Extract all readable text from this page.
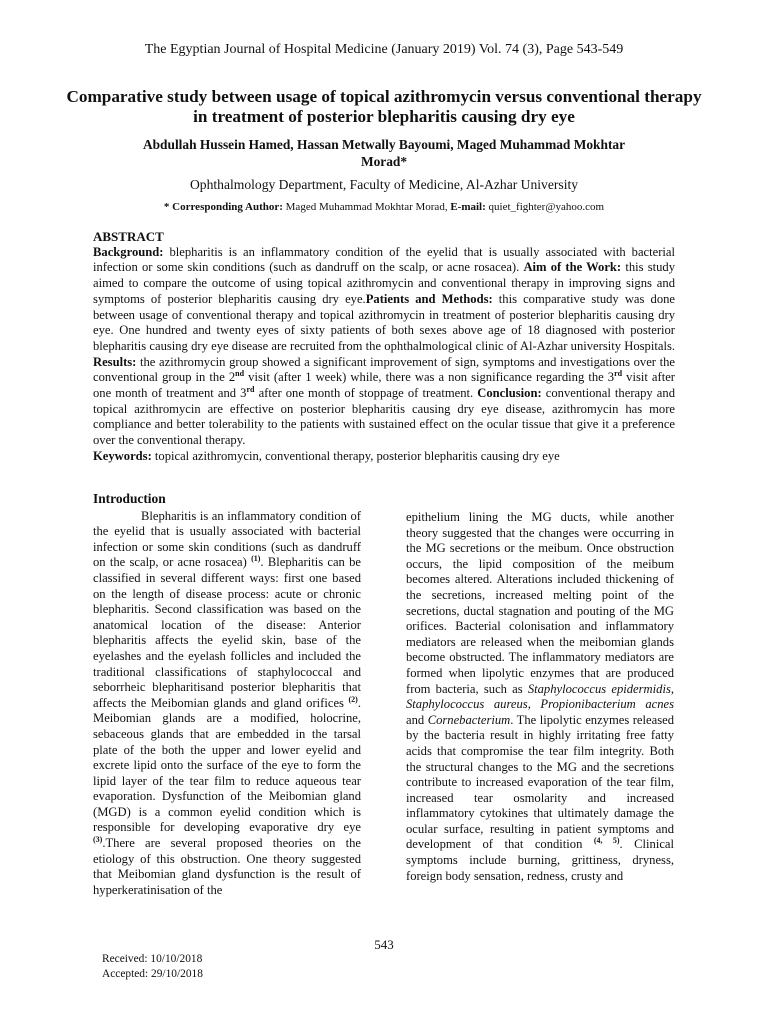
The Egyptian Journal of Hospital Medicine (January 2019) Vol. 74 (3), Page 543-549
Comparative study between usage of topical azithromycin versus conventional therapy in treatment of posterior blepharitis causing dry eye
Abdullah Hussein Hamed, Hassan Metwally Bayoumi, Maged Muhammad Mokhtar Morad*
Ophthalmology Department, Faculty of Medicine, Al-Azhar University
* Corresponding Author: Maged Muhammad Mokhtar Morad, E-mail: quiet_fighter@yahoo.com
ABSTRACT

Background: blepharitis is an inflammatory condition of the eyelid that is usually associated with bacterial infection or some skin conditions (such as dandruff on the scalp, or acne rosacea). Aim of the Work: this study aimed to compare the outcome of using topical azithromycin and conventional therapy in improving signs and symptoms of posterior blepharitis causing dry eye.Patients and Methods: this comparative study was done between usage of conventional therapy and topical azithromycin in treatment of posterior blepharitis causing dry eye. One hundred and twenty eyes of sixty patients of both sexes above age of 18 diagnosed with posterior blepharitis causing dry eye disease are recruited from the ophthalmological clinic of Al-Azhar university Hospitals. Results: the azithromycin group showed a significant improvement of sign, symptoms and investigations over the conventional group in the 2nd visit (after 1 week) while, there was a non significance regarding the 3rd visit after one month of treatment and 3rd after one month of stoppage of treatment. Conclusion: conventional therapy and topical azithromycin are effective on posterior blepharitis causing dry eye disease, azithromycin has more compliance and better tolerability to the patients with sustained effect on the ocular tissue that give it a preference over the conventional therapy.

Keywords: topical azithromycin, conventional therapy, posterior blepharitis causing dry eye

Introduction

Blepharitis is an inflammatory condition of the eyelid that is usually associated with bacterial infection or some skin conditions (such as dandruff on the scalp, or acne rosacea) $^{(1)}$. Blepharitis can be classified in several different ways: first one based on the length of disease process: acute or chronic blepharitis. Second classification was based on the anatomical location of the disease: Anterior blepharitis affects the eyelid skin, base of the eyelashes and the eyelash follicles and included the traditional classifications of staphylococcal and seborrheic blepharitisand posterior blepharitis that affects the Meibomian glands and gland orifices $^{(2)}$. Meibomian glands are a modified, holocrine, sebaceous glands that are embedded in the tarsal plate of the both the upper and lower eyelid and excrete lipid onto the surface of the eye to form the lipid layer of the tear film to reduce aqueous tear evaporation. Dysfunction of the Meibomian gland (MGD) is a common eyelid condition which is responsible for developing evaporative dry eye $^{(3)}$.There are several proposed theories on the etiology of this obstruction. One theory suggested that Meibomian gland dysfunction is the result of hyperkeratinisation of the

epithelium lining the MG ducts, while another theory suggested that the changes were occurring in the MG secretions or the meibum. Once obstruction occurs, the lipid composition of the meibum becomes altered. Alterations included thickening of the secretions, increased melting point of the secretions, ductal stagnation and pouting of the MG orifices. Bacterial colonisation and inflammatory mediators are released when the meibomian glands become obstructed. The inflammatory mediators are formed when lipolytic enzymes that are produced from bacteria, such as Staphylococcus epidermidis, Staphylococcus aureus, Propionibacterium acnes and Cornebacterium. The lipolytic enzymes released by the bacteria result in highly irritating free fatty acids that compromise the tear film integrity. Both the structural changes to the MG and the secretions contribute to increased evaporation of the tear film, increased tear osmolarity and increased inflammatory cytokines that ultimately damage the ocular surface, resulting in patient symptoms and development of that condition $^{(4, 5)}$. Clinical symptoms include burning, grittiness, dryness, foreign body sensation, redness, crusty and

543
Received: 10/10/2018
Accepted: 29/10/2018
